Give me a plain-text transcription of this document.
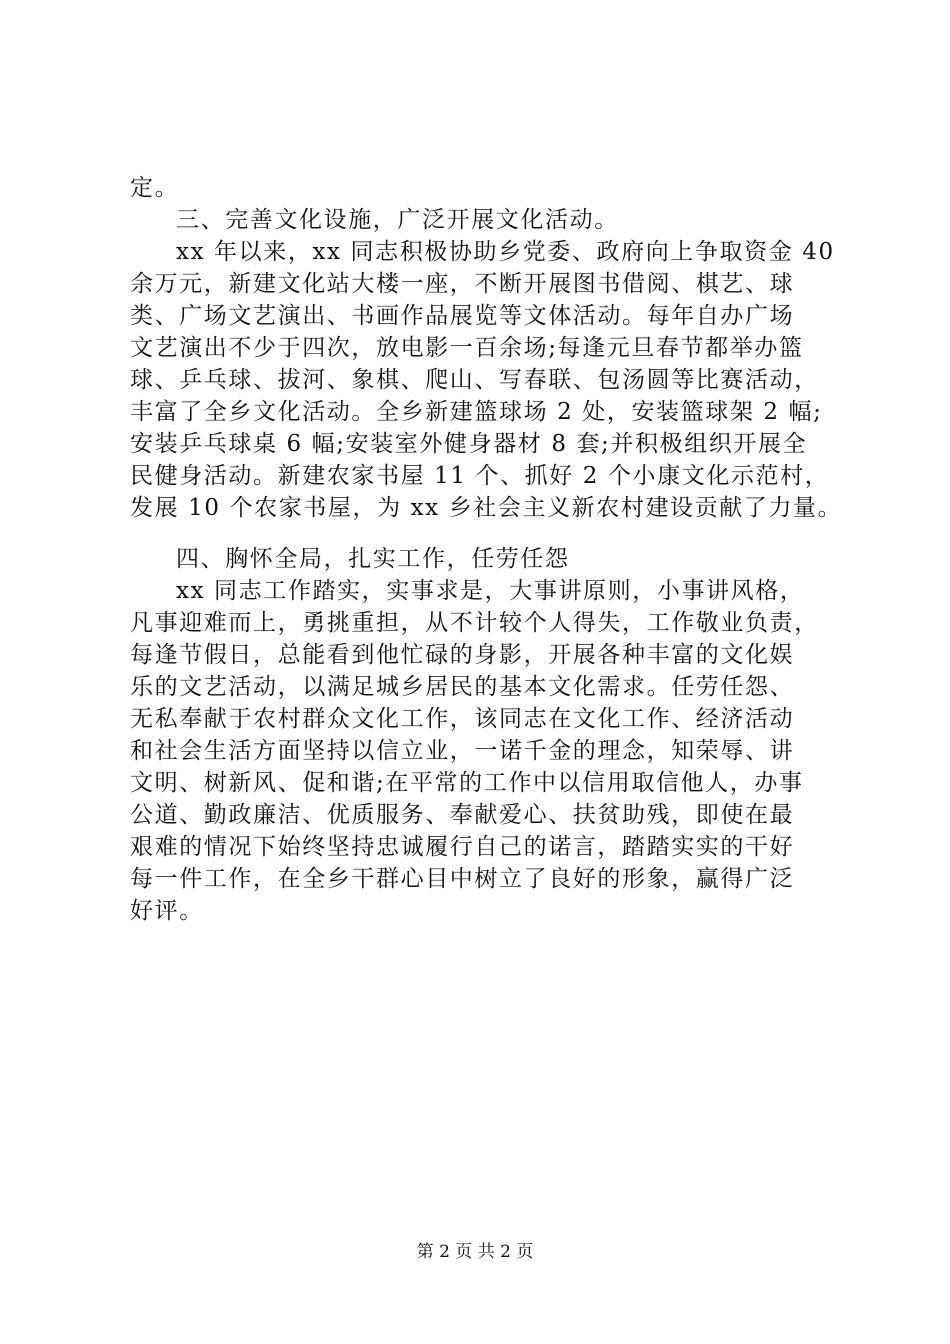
定。
三、完善文化设施，广泛开展文化活动。
xx 年以来，xx 同志积极协助乡党委、政府向上争取资金 40
余万元，新建文化站大楼一座，不断开展图书借阅、棋艺、球
类、广场文艺演出、书画作品展览等文体活动。每年自办广场
文艺演出不少于四次，放电影一百余场;每逢元旦春节都举办篮
球、乒乓球、拔河、象棋、爬山、写春联、包汤圆等比赛活动，
丰富了全乡文化活动。全乡新建篮球场 2 处，安装篮球架 2 幅;
安装乒乓球桌 6 幅;安装室外健身器材 8 套;并积极组织开展全
民健身活动。新建农家书屋 11 个、抓好 2 个小康文化示范村，
发展 10 个农家书屋，为 xx 乡社会主义新农村建设贡献了力量。
四、胸怀全局，扎实工作，任劳任怨
xx 同志工作踏实，实事求是，大事讲原则，小事讲风格，
凡事迎难而上，勇挑重担，从不计较个人得失，工作敬业负责，
每逢节假日，总能看到他忙碌的身影，开展各种丰富的文化娱
乐的文艺活动，以满足城乡居民的基本文化需求。任劳任怨、
无私奉献于农村群众文化工作，该同志在文化工作、经济活动
和社会生活方面坚持以信立业，一诺千金的理念，知荣辱、讲
文明、树新风、促和谐;在平常的工作中以信用取信他人，办事
公道、勤政廉洁、优质服务、奉献爱心、扶贫助残，即使在最
艰难的情况下始终坚持忠诚履行自己的诺言，踏踏实实的干好
每一件工作，在全乡干群心目中树立了良好的形象，赢得广泛
好评。
第 2 页 共 2 页
